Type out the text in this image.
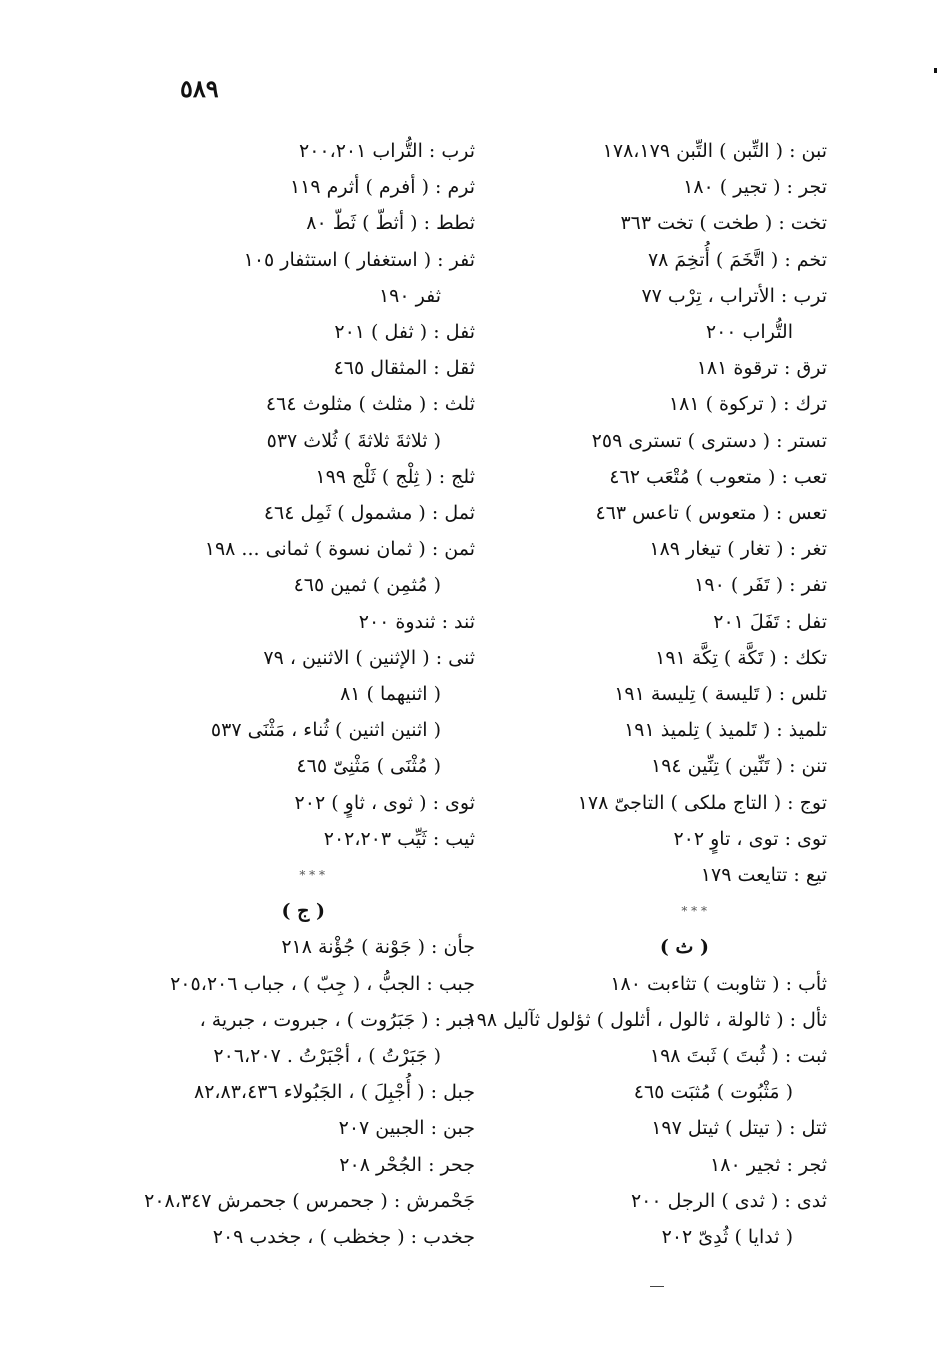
٥٨٩
تبن : ( التِّبن ) التِّبن ١٧٨،١٧٩
تجر : ( تجير ) ١٨٠
تخت : ( طخت ) تخت ٣٦٣
تخم : ( اتَّخَمَ ) أُتخِمَ ٧٨
ترب : الأتراب ، تِرْب ٧٧
التُّراب ٢٠٠
ترق : ترقوة ١٨١
ترك : ( تركوة ) ١٨١
تستر : ( دسترى ) تسترى ٢٥٩
تعب : ( متعوب ) مُتْعَب ٤٦٢
تعس : ( متعوس ) تاعس ٤٦٣
تغر : ( تغار ) تيغار ١٨٩
تفر : ( تَفَر ) ١٩٠
تفل : تَفَلَ ٢٠١
تكك : ( تَكَّة ) تِكَّة ١٩١
تلس : ( تَليسة ) تِليسة ١٩١
تلميذ : ( تَلميذ ) تِلميذ ١٩١
تنن : ( تَنِّين ) تِنِّين ١٩٤
توج : ( التاج ملكى ) التاجىّ ١٧٨
توى : توى ، تاوٍ ٢٠٢
تيع : تتايعت ١٧٩
* * *
( ث )
ثأب : ( تثاوبت ) تثاءبت ١٨٠
ثأل : ( ثالولة ، ثالول ، أثلول ) ثؤلول ثآليل ١٩٨
ثبت : ( ثُبتَ ) ثَبتَ ١٩٨
( مَثْبُوت ) مُثبَت ٤٦٥
ثتل : ( تيتل ) ثيتل ١٩٧
ثجر : ثجير ١٨٠
ثدى : ( ثدى ) الرجل ٢٠٠
( ثدايا ) ثُدِىّ ٢٠٢
ثرب : التُّراب ٢٠٠،٢٠١
ثرم : ( أفرم ) أثرم ١١٩
ثطط : ( أثطّ ) ثَطّ ٨٠
ثفر : ( استغفار ) استثفار ١٠٥
ثفر ١٩٠
ثفل : ( ثفل ) ٢٠١
ثقل : المثقال ٤٦٥
ثلث : ( مثلث ) مثلوث ٤٦٤
( ثلاثةَ ثلاثةَ ) ثُلاث ٥٣٧
ثلج : ( ثِلْج ) ثَلْج ١٩٩
ثمل : ( مشمول ) ثَمِل ٤٦٤
ثمن : ( ثمان نسوة ) ثمانى ... ١٩٨
( مُثمِن ) ثمين ٤٦٥
ثند : ثندوة ٢٠٠
ثنى : ( الإثنين ) الاثنين ، ٧٩
( اثنيهما ) ٨١
( اثنين اثنين ) ثُناء ، مَثْنَى ٥٣٧
( مُثْنَى ) مَثْنِىّ ٤٦٥
ثوى : ( ثوى ، ثاوٍ ) ٢٠٢
ثيب : ثَيِّب ٢٠٢،٢٠٣
* * *
( ج )
جأن : ( جَوْنة ) جُؤْنة ٢١٨
جبب : الجبُّ ، ( جِبّ ) ، جباب ٢٠٥،٢٠٦
جبر : ( جَبَرُوت ) ، جبروت ، جبرية ،
( جَبَرْتُ ) ، أجْبَرْتُ . ٢٠٦،٢٠٧
جبل : ( أُجْبِلَ ) ، الجَبُولاء ٨٢،٨٣،٤٣٦
جبن : الجبين ٢٠٧
جحر : الجُحْر ٢٠٨
جَحْمرش : ( جحمرس ) جحمرش ٢٠٨،٣٤٧
جخدب : ( جخظب ) ، جخدب ٢٠٩
